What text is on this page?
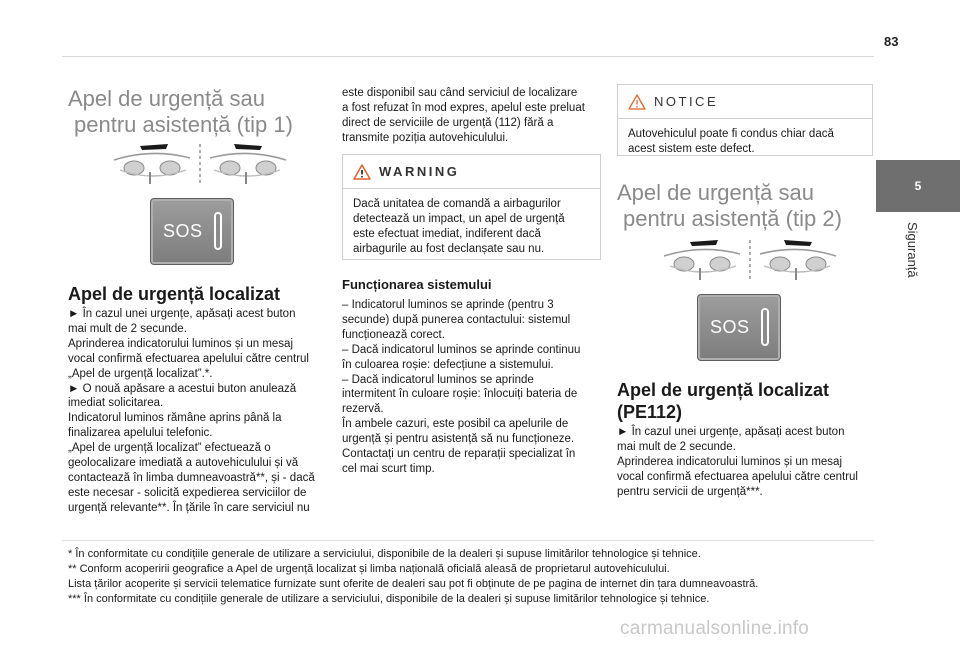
83
5
Siguranță
Apel de urgență sau
pentru asistență (tip 1)
SOS
Apel de urgență localizat

► În cazul unei urgențe, apăsați acest buton
mai mult de 2 secunde.
Aprinderea indicatorului luminos și un mesaj
vocal confirmă efectuarea apelului către centrul
„Apel de urgență localizat”.*.
► O nouă apăsare a acestui buton anulează
imediat solicitarea.
Indicatorul luminos rămâne aprins până la
finalizarea apelului telefonic.
„Apel de urgență localizat” efectuează o
geolocalizare imediată a autovehiculului și vă
contactează în limba dumneavoastră**, și - dacă
este necesar - solicită expedierea serviciilor de
urgență relevante**. În țările în care serviciul nu

este disponibil sau când serviciul de localizare
a fost refuzat în mod expres, apelul este preluat
direct de serviciile de urgență (112) fără a
transmite poziția autovehiculului.

WARNING
Dacă unitatea de comandă a airbagurilor
detectează un impact, un apel de urgență
este efectuat imediat, indiferent dacă
airbagurile au fost declanșate sau nu.
Funcționarea sistemului

– Indicatorul luminos se aprinde (pentru 3
secunde) după punerea contactului: sistemul
funcționează corect.
– Dacă indicatorul luminos se aprinde continuu
în culoarea roșie: defecțiune a sistemului.
– Dacă indicatorul luminos se aprinde
intermitent în culoare roșie: înlocuiți bateria de
rezervă.
În ambele cazuri, este posibil ca apelurile de
urgență și pentru asistență să nu funcționeze.
Contactați un centru de reparații specializat în
cel mai scurt timp.

NOTICE
Autovehiculul poate fi condus chiar dacă
acest sistem este defect.
Apel de urgență sau
pentru asistență (tip 2)
SOS
Apel de urgență localizat
(PE112)

► În cazul unei urgențe, apăsați acest buton
mai mult de 2 secunde.
Aprinderea indicatorului luminos și un mesaj
vocal confirmă efectuarea apelului către centrul
pentru servicii de urgență***.

* În conformitate cu condițiile generale de utilizare a serviciului, disponibile de la dealeri și supuse limitărilor tehnologice și tehnice.

** Conform acoperirii geografice a Apel de urgență localizat și limba națională oficială aleasă de proprietarul autovehiculului.

Lista țărilor acoperite și servicii telematice furnizate sunt oferite de dealeri sau pot fi obținute de pe pagina de internet din țara dumneavoastră.

*** În conformitate cu condițiile generale de utilizare a serviciului, disponibile de la dealeri și supuse limitărilor tehnologice și tehnice.

carmanualsonline.info
